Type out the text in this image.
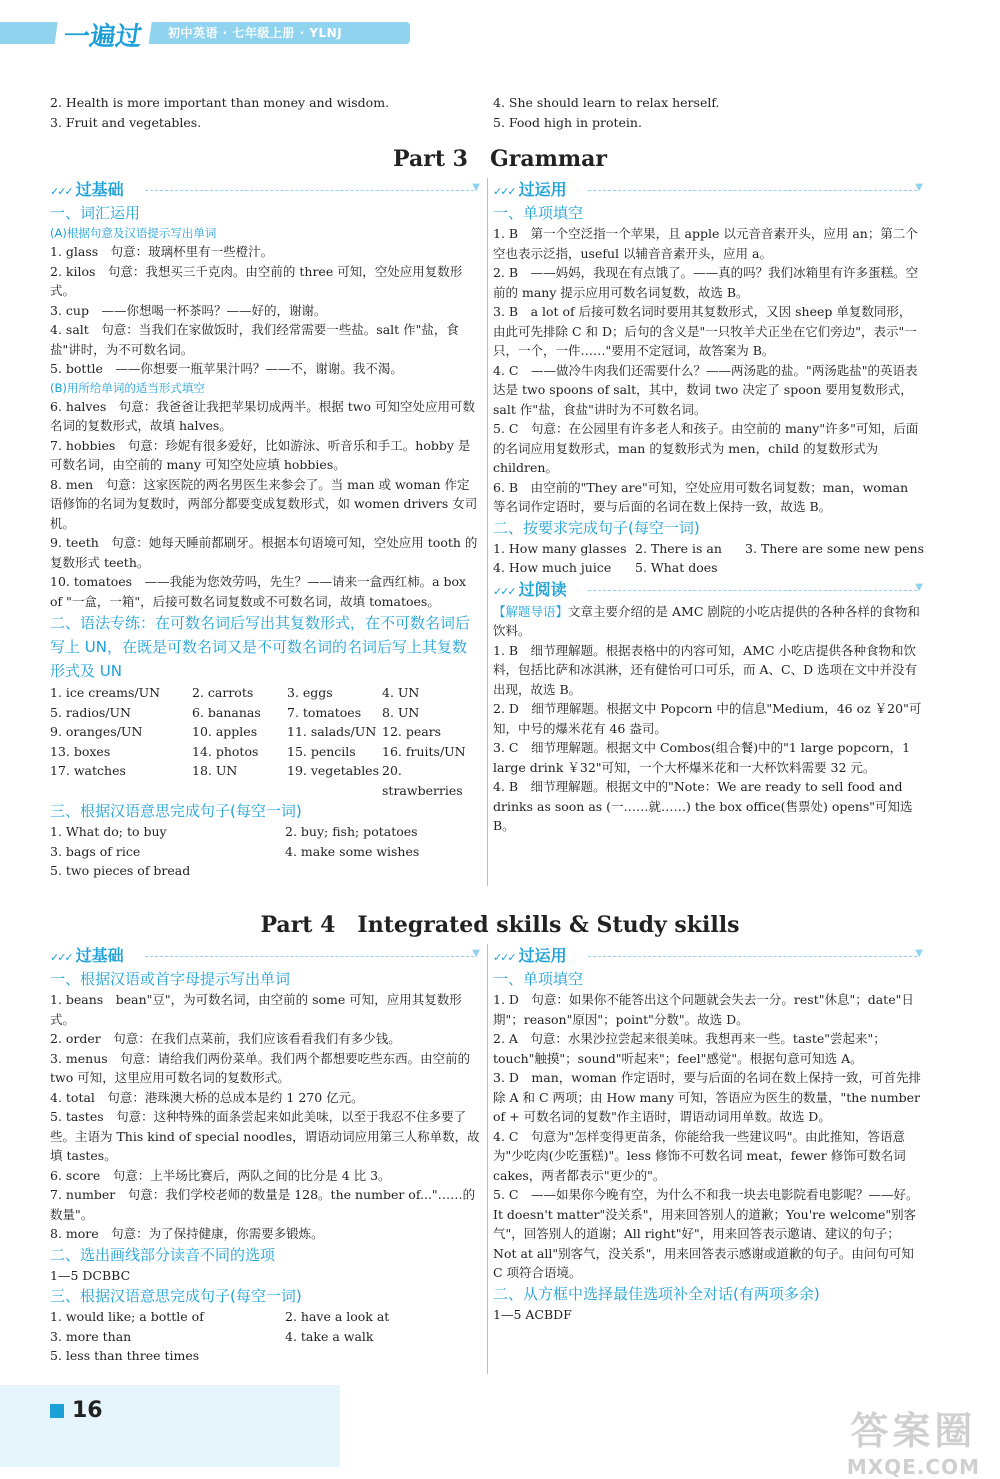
一遍过	初中英语 · 七年级上册 · YLNJ
2. Health is more important than money and wisdom.
3. Fruit and vegetables.
4. She should learn to relax herself.
5. Food high in protein.
Part 3　Grammar
✓✓✓ 过基础	▼
一、词汇运用
(A)根据句意及汉语提示写出单词
1. glass　句意：玻璃杯里有一些橙汁。
2. kilos　句意：我想买三千克肉。由空前的 three 可知，空处应用复数形式。
3. cup　——你想喝一杯茶吗？——好的，谢谢。
4. salt　句意：当我们在家做饭时，我们经常需要一些盐。salt 作"盐，食盐"讲时，为不可数名词。
5. bottle　——你想要一瓶苹果汁吗？——不，谢谢。我不渴。
(B)用所给单词的适当形式填空
6. halves　句意：我爸爸让我把苹果切成两半。根据 two 可知空处应用可数名词的复数形式，故填 halves。
7. hobbies　句意：珍妮有很多爱好，比如游泳、听音乐和手工。hobby 是可数名词，由空前的 many 可知空处应填 hobbies。
8. men　句意：这家医院的两名男医生来参会了。当 man 或 woman 作定语修饰的名词为复数时，两部分都要变成复数形式，如 women drivers 女司机。
9. teeth　句意：她每天睡前都刷牙。根据本句语境可知，空处应用 tooth 的复数形式 teeth。
10. tomatoes　——我能为您效劳吗，先生？——请来一盒西红柿。a box of "一盒，一箱"，后接可数名词复数或不可数名词，故填 tomatoes。
二、语法专练：在可数名词后写出其复数形式，在不可数名词后写上 UN，在既是可数名词又是不可数名词的名词后写上其复数形式及 UN
1. ice creams/UN	2. carrots	3. eggs	4. UN
5. radios/UN	6. bananas	7. tomatoes	8. UN
9. oranges/UN	10. apples	11. salads/UN 12. pears
13. boxes	14. photos	15. pencils	16. fruits/UN
17. watches	18. UN	19. vegetables 20. strawberries
三、根据汉语意思完成句子(每空一词)
1. What do; to buy	2. buy; fish; potatoes
3. bags of rice	4. make some wishes
5. two pieces of bread
✓✓✓ 过运用	▼
一、单项填空
1. B　第一个空泛指一个苹果，且 apple 以元音音素开头，应用 an；第二个空也表示泛指，useful 以辅音音素开头，应用 a。
2. B　——妈妈，我现在有点饿了。——真的吗？我们冰箱里有许多蛋糕。空前的 many 提示应用可数名词复数，故选 B。
3. B　a lot of 后接可数名词时要用其复数形式，又因 sheep 单复数同形，由此可先排除 C 和 D；后句的含义是"一只牧羊犬正坐在它们旁边"，表示"一只，一个，一件……"要用不定冠词，故答案为 B。
4. C　——做冷牛肉我们还需要什么？——两汤匙的盐。"两汤匙盐"的英语表达是 two spoons of salt，其中，数词 two 决定了 spoon 要用复数形式，salt 作"盐，食盐"讲时为不可数名词。
5. C　句意：在公园里有许多老人和孩子。由空前的 many"许多"可知，后面的名词应用复数形式，man 的复数形式为 men，child 的复数形式为 children。
6. B　由空前的"They are"可知，空处应用可数名词复数；man，woman 等名词作定语时，要与后面的名词在数上保持一致，故选 B。
二、按要求完成句子(每空一词)
1. How many glasses 2. There is an	3. There are some new pens
4. How much juice	5. What does
✓✓✓ 过阅读	▼
【解题导语】文章主要介绍的是 AMC 剧院的小吃店提供的各种各样的食物和饮料。
1. B　细节理解题。根据表格中的内容可知，AMC 小吃店提供各种食物和饮料，包括比萨和冰淇淋，还有健怡可口可乐，而 A、C、D 选项在文中并没有出现，故选 B。
2. D　细节理解题。根据文中 Popcorn 中的信息"Medium，46 oz ￥20"可知，中号的爆米花有 46 盎司。
3. C　细节理解题。根据文中 Combos(组合餐)中的"1 large popcorn，1 large drink ￥32"可知，一个大杯爆米花和一大杯饮料需要 32 元。
4. B　细节理解题。根据文中的"Note：We are ready to sell food and drinks as soon as (一……就……) the box office(售票处) opens"可知选 B。
Part 4　Integrated skills & Study skills
✓✓✓ 过基础	▼
一、根据汉语或首字母提示写出单词
1. beans　bean"豆"，为可数名词，由空前的 some 可知，应用其复数形式。
2. order　句意：在我们点菜前，我们应该看看我们有多少钱。
3. menus　句意：请给我们两份菜单。我们两个都想要吃些东西。由空前的 two 可知，这里应用可数名词的复数形式。
4. total　句意：港珠澳大桥的总成本是约 1 270 亿元。
5. tastes　句意：这种特殊的面条尝起来如此美味，以至于我忍不住多要了些。主语为 This kind of special noodles，谓语动词应用第三人称单数，故填 tastes。
6. score　句意：上半场比赛后，两队之间的比分是 4 比 3。
7. number　句意：我们学校老师的数量是 128。the number of..."……的数量"。
8. more　句意：为了保持健康，你需要多锻炼。
二、选出画线部分读音不同的选项
1—5 DCBBC
三、根据汉语意思完成句子(每空一词)
1. would like; a bottle of	2. have a look at
3. more than	4. take a walk
5. less than three times
✓✓✓ 过运用	▼
一、单项填空
1. D　句意：如果你不能答出这个问题就会失去一分。rest"休息"；date"日期"；reason"原因"；point"分数"。故选 D。
2. A　句意：水果沙拉尝起来很美味。我想再来一些。taste"尝起来"；touch"触摸"；sound"听起来"；feel"感觉"。根据句意可知选 A。
3. D　man，woman 作定语时，要与后面的名词在数上保持一致，可首先排除 A 和 C 两项；由 How many 可知，答语应为医生的数量，"the number of + 可数名词的复数"作主语时，谓语动词用单数。故选 D。
4. C　句意为"怎样变得更苗条，你能给我一些建议吗"。由此推知，答语意为"少吃肉(少吃蛋糕)"。less 修饰不可数名词 meat，fewer 修饰可数名词 cakes，两者都表示"更少的"。
5. C　——如果你今晚有空，为什么不和我一块去电影院看电影呢？——好。It doesn't matter"没关系"，用来回答别人的道歉；You're welcome"别客气"，回答别人的道谢；All right"好"，用来回答表示邀请、建议的句子；Not at all"别客气，没关系"，用来回答表示感谢或道歉的句子。由问句可知 C 项符合语境。
二、从方框中选择最佳选项补全对话(有两项多余)
1—5 ACBDF
16	答案圈
MXQE.COM
